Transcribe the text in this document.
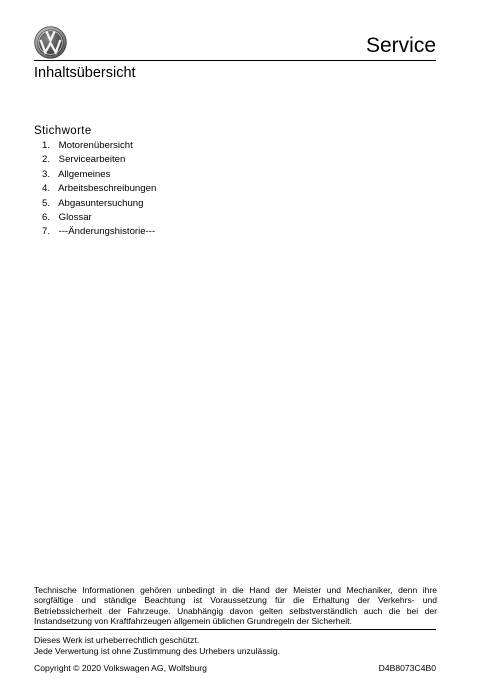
Service
Inhaltsübersicht
Stichworte
1. Motorenübersicht
2. Servicearbeiten
3. Allgemeines
4. Arbeitsbeschreibungen
5. Abgasuntersuchung
6. Glossar
7. ---Änderungshistorie---

Technische Informationen gehören unbedingt in die Hand der Meister und Mechaniker, denn ihre sorgfältige und ständige Beachtung ist Voraussetzung für die Erhaltung der Verkehrs- und Betriebssicherheit der Fahrzeuge. Unabhängig davon gelten selbstverständlich auch die bei der Instandsetzung von Kraftfahrzeugen allgemein üblichen Grundregeln der Sicherheit.

Dieses Werk ist urheberrechtlich geschützt.
Jede Verwertung ist ohne Zustimmung des Urhebers unzulässig.
Copyright © 2020 Volkswagen AG, Wolfsburg	D4B8073C4B0
